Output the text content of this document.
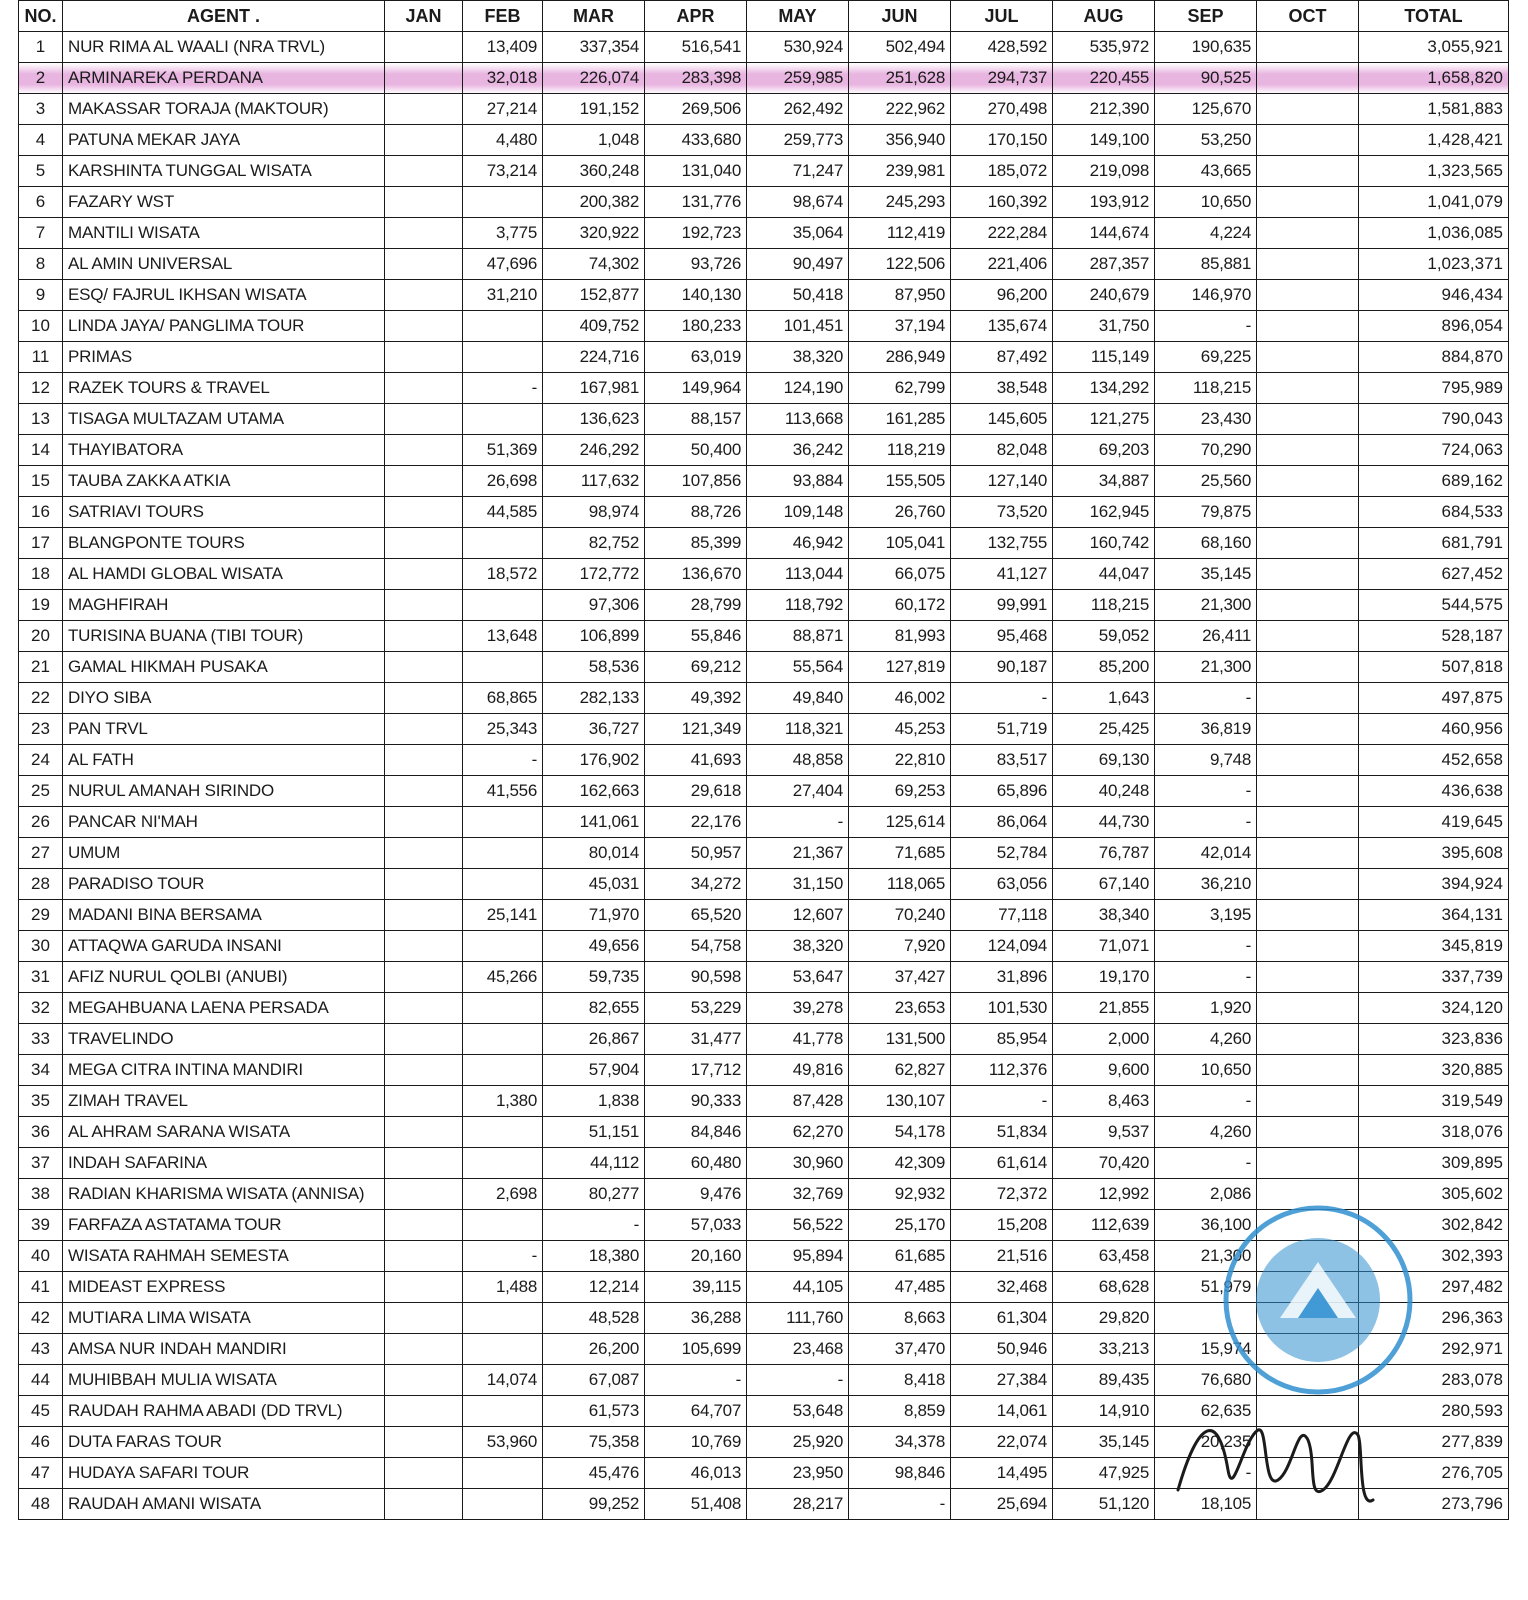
NO.	AGENT .	JAN	FEB	MAR	APR	MAY	JUN	JUL	AUG	SEP	OCT	TOTAL
1	NUR RIMA AL WAALI (NRA TRVL)		13,409	337,354	516,541	530,924	502,494	428,592	535,972	190,635		3,055,921
2	ARMINAREKA PERDANA		32,018	226,074	283,398	259,985	251,628	294,737	220,455	90,525		1,658,820
3	MAKASSAR TORAJA (MAKTOUR)		27,214	191,152	269,506	262,492	222,962	270,498	212,390	125,670		1,581,883
4	PATUNA MEKAR JAYA		4,480	1,048	433,680	259,773	356,940	170,150	149,100	53,250		1,428,421
5	KARSHINTA TUNGGAL WISATA		73,214	360,248	131,040	71,247	239,981	185,072	219,098	43,665		1,323,565
6	FAZARY WST			200,382	131,776	98,674	245,293	160,392	193,912	10,650		1,041,079
7	MANTILI WISATA		3,775	320,922	192,723	35,064	112,419	222,284	144,674	4,224		1,036,085
8	AL AMIN UNIVERSAL		47,696	74,302	93,726	90,497	122,506	221,406	287,357	85,881		1,023,371
9	ESQ/ FAJRUL IKHSAN WISATA		31,210	152,877	140,130	50,418	87,950	96,200	240,679	146,970		946,434
10	LINDA JAYA/ PANGLIMA TOUR			409,752	180,233	101,451	37,194	135,674	31,750	-		896,054
11	PRIMAS			224,716	63,019	38,320	286,949	87,492	115,149	69,225		884,870
12	RAZEK TOURS & TRAVEL		-	167,981	149,964	124,190	62,799	38,548	134,292	118,215		795,989
13	TISAGA MULTAZAM UTAMA			136,623	88,157	113,668	161,285	145,605	121,275	23,430		790,043
14	THAYIBATORA		51,369	246,292	50,400	36,242	118,219	82,048	69,203	70,290		724,063
15	TAUBA ZAKKA ATKIA		26,698	117,632	107,856	93,884	155,505	127,140	34,887	25,560		689,162
16	SATRIAVI TOURS		44,585	98,974	88,726	109,148	26,760	73,520	162,945	79,875		684,533
17	BLANGPONTE TOURS			82,752	85,399	46,942	105,041	132,755	160,742	68,160		681,791
18	AL HAMDI GLOBAL WISATA		18,572	172,772	136,670	113,044	66,075	41,127	44,047	35,145		627,452
19	MAGHFIRAH			97,306	28,799	118,792	60,172	99,991	118,215	21,300		544,575
20	TURISINA BUANA (TIBI TOUR)		13,648	106,899	55,846	88,871	81,993	95,468	59,052	26,411		528,187
21	GAMAL HIKMAH PUSAKA			58,536	69,212	55,564	127,819	90,187	85,200	21,300		507,818
22	DIYO SIBA		68,865	282,133	49,392	49,840	46,002	-	1,643	-		497,875
23	PAN TRVL		25,343	36,727	121,349	118,321	45,253	51,719	25,425	36,819		460,956
24	AL FATH		-	176,902	41,693	48,858	22,810	83,517	69,130	9,748		452,658
25	NURUL AMANAH SIRINDO		41,556	162,663	29,618	27,404	69,253	65,896	40,248	-		436,638
26	PANCAR NI'MAH			141,061	22,176	-	125,614	86,064	44,730	-		419,645
27	UMUM			80,014	50,957	21,367	71,685	52,784	76,787	42,014		395,608
28	PARADISO TOUR			45,031	34,272	31,150	118,065	63,056	67,140	36,210		394,924
29	MADANI BINA BERSAMA		25,141	71,970	65,520	12,607	70,240	77,118	38,340	3,195		364,131
30	ATTAQWA GARUDA INSANI			49,656	54,758	38,320	7,920	124,094	71,071	-		345,819
31	AFIZ NURUL QOLBI (ANUBI)		45,266	59,735	90,598	53,647	37,427	31,896	19,170	-		337,739
32	MEGAHBUANA LAENA PERSADA			82,655	53,229	39,278	23,653	101,530	21,855	1,920		324,120
33	TRAVELINDO			26,867	31,477	41,778	131,500	85,954	2,000	4,260		323,836
34	MEGA CITRA INTINA MANDIRI			57,904	17,712	49,816	62,827	112,376	9,600	10,650		320,885
35	ZIMAH TRAVEL		1,380	1,838	90,333	87,428	130,107	-	8,463	-		319,549
36	AL AHRAM SARANA WISATA			51,151	84,846	62,270	54,178	51,834	9,537	4,260		318,076
37	INDAH SAFARINA			44,112	60,480	30,960	42,309	61,614	70,420	-		309,895
38	RADIAN KHARISMA WISATA (ANNISA)		2,698	80,277	9,476	32,769	92,932	72,372	12,992	2,086		305,602
39	FARFAZA ASTATAMA TOUR			-	57,033	56,522	25,170	15,208	112,639	36,100		302,842
40	WISATA RAHMAH SEMESTA		-	18,380	20,160	95,894	61,685	21,516	63,458	21,300		302,393
41	MIDEAST EXPRESS		1,488	12,214	39,115	44,105	47,485	32,468	68,628	51,979		297,482
42	MUTIARA LIMA WISATA			48,528	36,288	111,760	8,663	61,304	29,820			296,363
43	AMSA NUR INDAH MANDIRI			26,200	105,699	23,468	37,470	50,946	33,213	15,974		292,971
44	MUHIBBAH MULIA WISATA		14,074	67,087	-	-	8,418	27,384	89,435	76,680		283,078
45	RAUDAH RAHMA ABADI (DD TRVL)			61,573	64,707	53,648	8,859	14,061	14,910	62,635		280,593
46	DUTA FARAS TOUR		53,960	75,358	10,769	25,920	34,378	22,074	35,145	20,235		277,839
47	HUDAYA SAFARI TOUR			45,476	46,013	23,950	98,846	14,495	47,925	-		276,705
48	RAUDAH AMANI WISATA			99,252	51,408	28,217	-	25,694	51,120	18,105		273,796
